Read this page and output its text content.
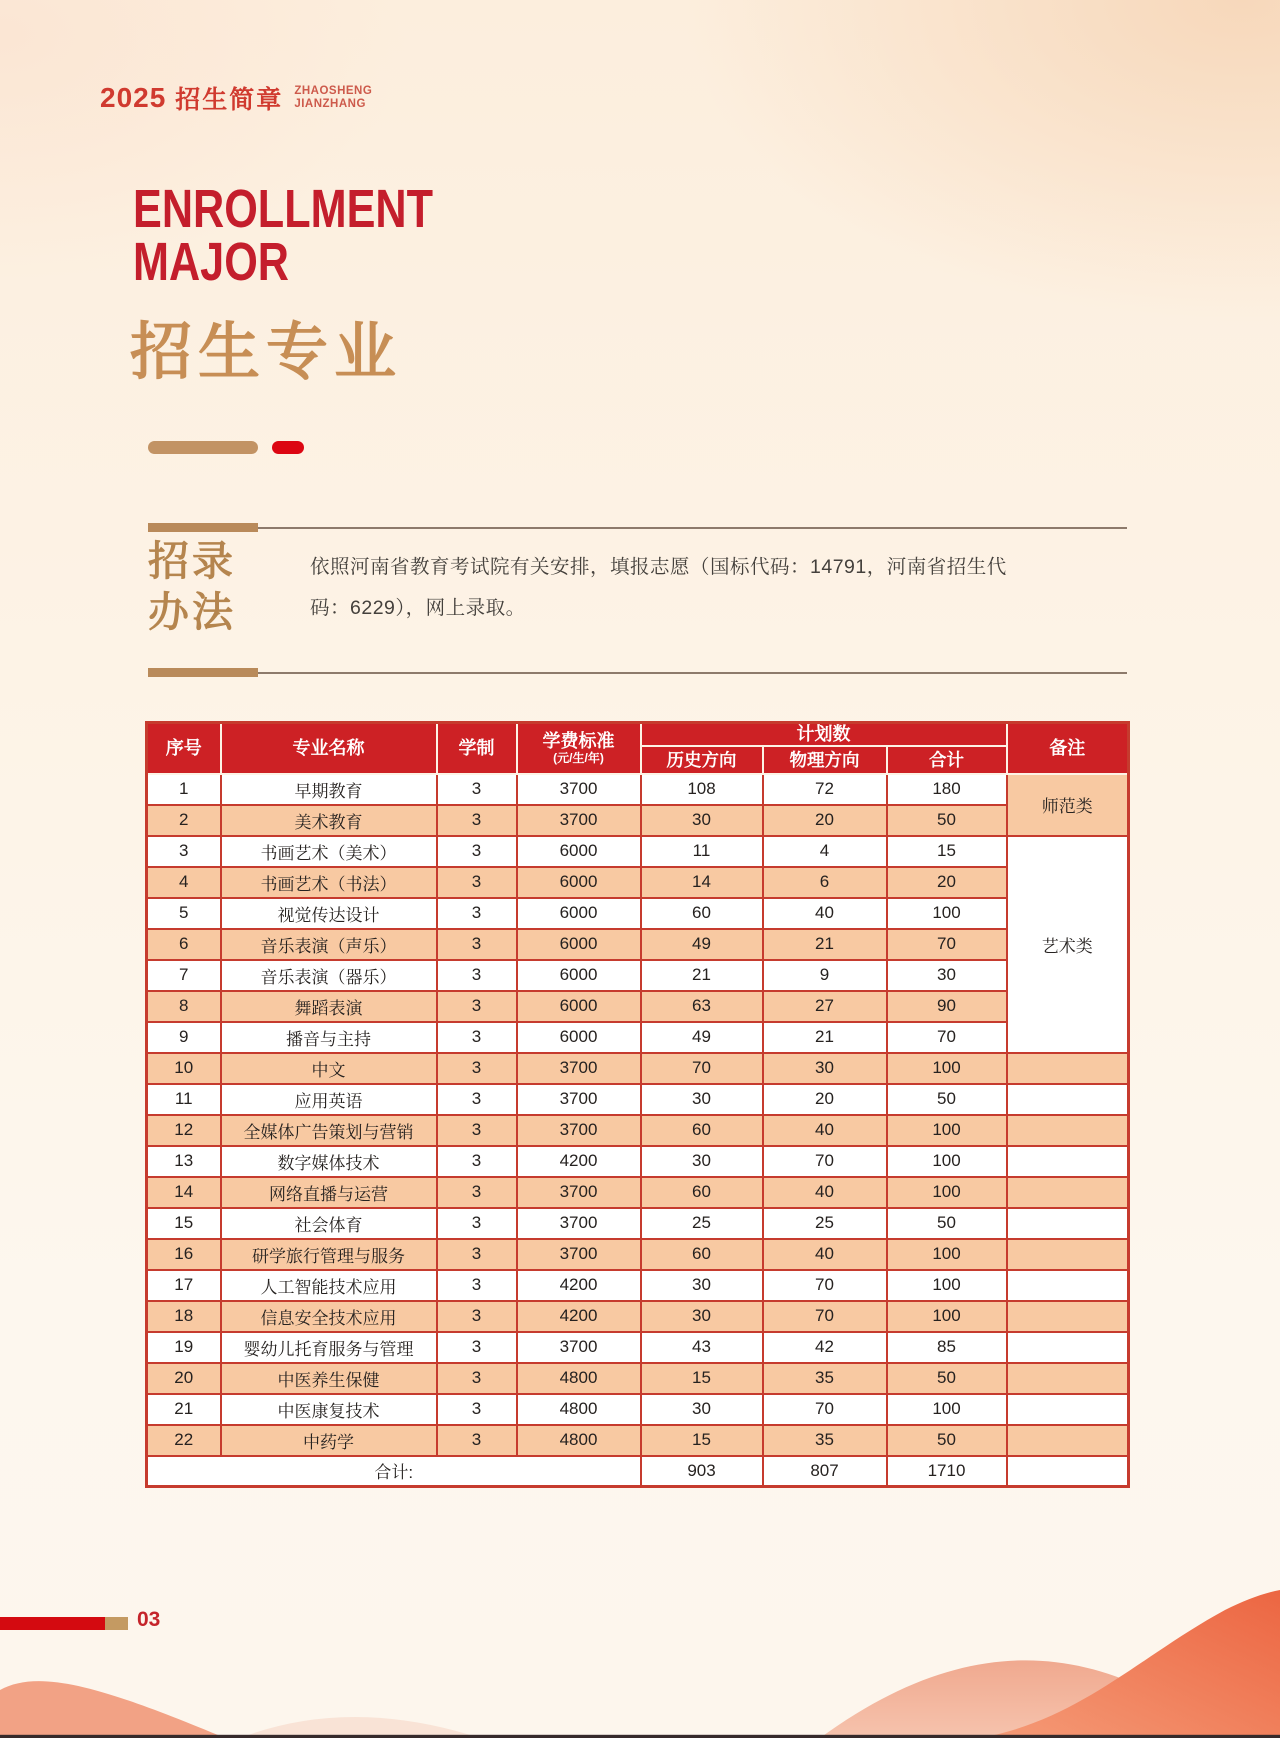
2025 招生简章 ZHAOSHENG
JIANZHANG
ENROLLMENT
MAJOR
招生专业
招录
办法
依照河南省教育考试院有关安排，填报志愿（国标代码：14791，河南省招生代
码：6229），网上录取。
序号	专业名称	学制	学费标准
(元/生/年)	计划数			备注
				历史方向	物理方向	合计	
1	早期教育	3	3700	108	72	180	师范类
2	美术教育	3	3700	30	20	50	
3	书画艺术（美术）	3	6000	11	4	15	艺术类
4	书画艺术（书法）	3	6000	14	6	20	
5	视觉传达设计	3	6000	60	40	100	
6	音乐表演（声乐）	3	6000	49	21	70	
7	音乐表演（器乐）	3	6000	21	9	30	
8	舞蹈表演	3	6000	63	27	90	
9	播音与主持	3	6000	49	21	70	
10	中文	3	3700	70	30	100	
11	应用英语	3	3700	30	20	50	
12	全媒体广告策划与营销	3	3700	60	40	100	
13	数字媒体技术	3	4200	30	70	100	
14	网络直播与运营	3	3700	60	40	100	
15	社会体育	3	3700	25	25	50	
16	研学旅行管理与服务	3	3700	60	40	100	
17	人工智能技术应用	3	4200	30	70	100	
18	信息安全技术应用	3	4200	30	70	100	
19	婴幼儿托育服务与管理	3	3700	43	42	85	
20	中医养生保健	3	4800	15	35	50	
21	中医康复技术	3	4800	30	70	100	
22	中药学	3	4800	15	35	50	
合计:				903	807	1710	
03
